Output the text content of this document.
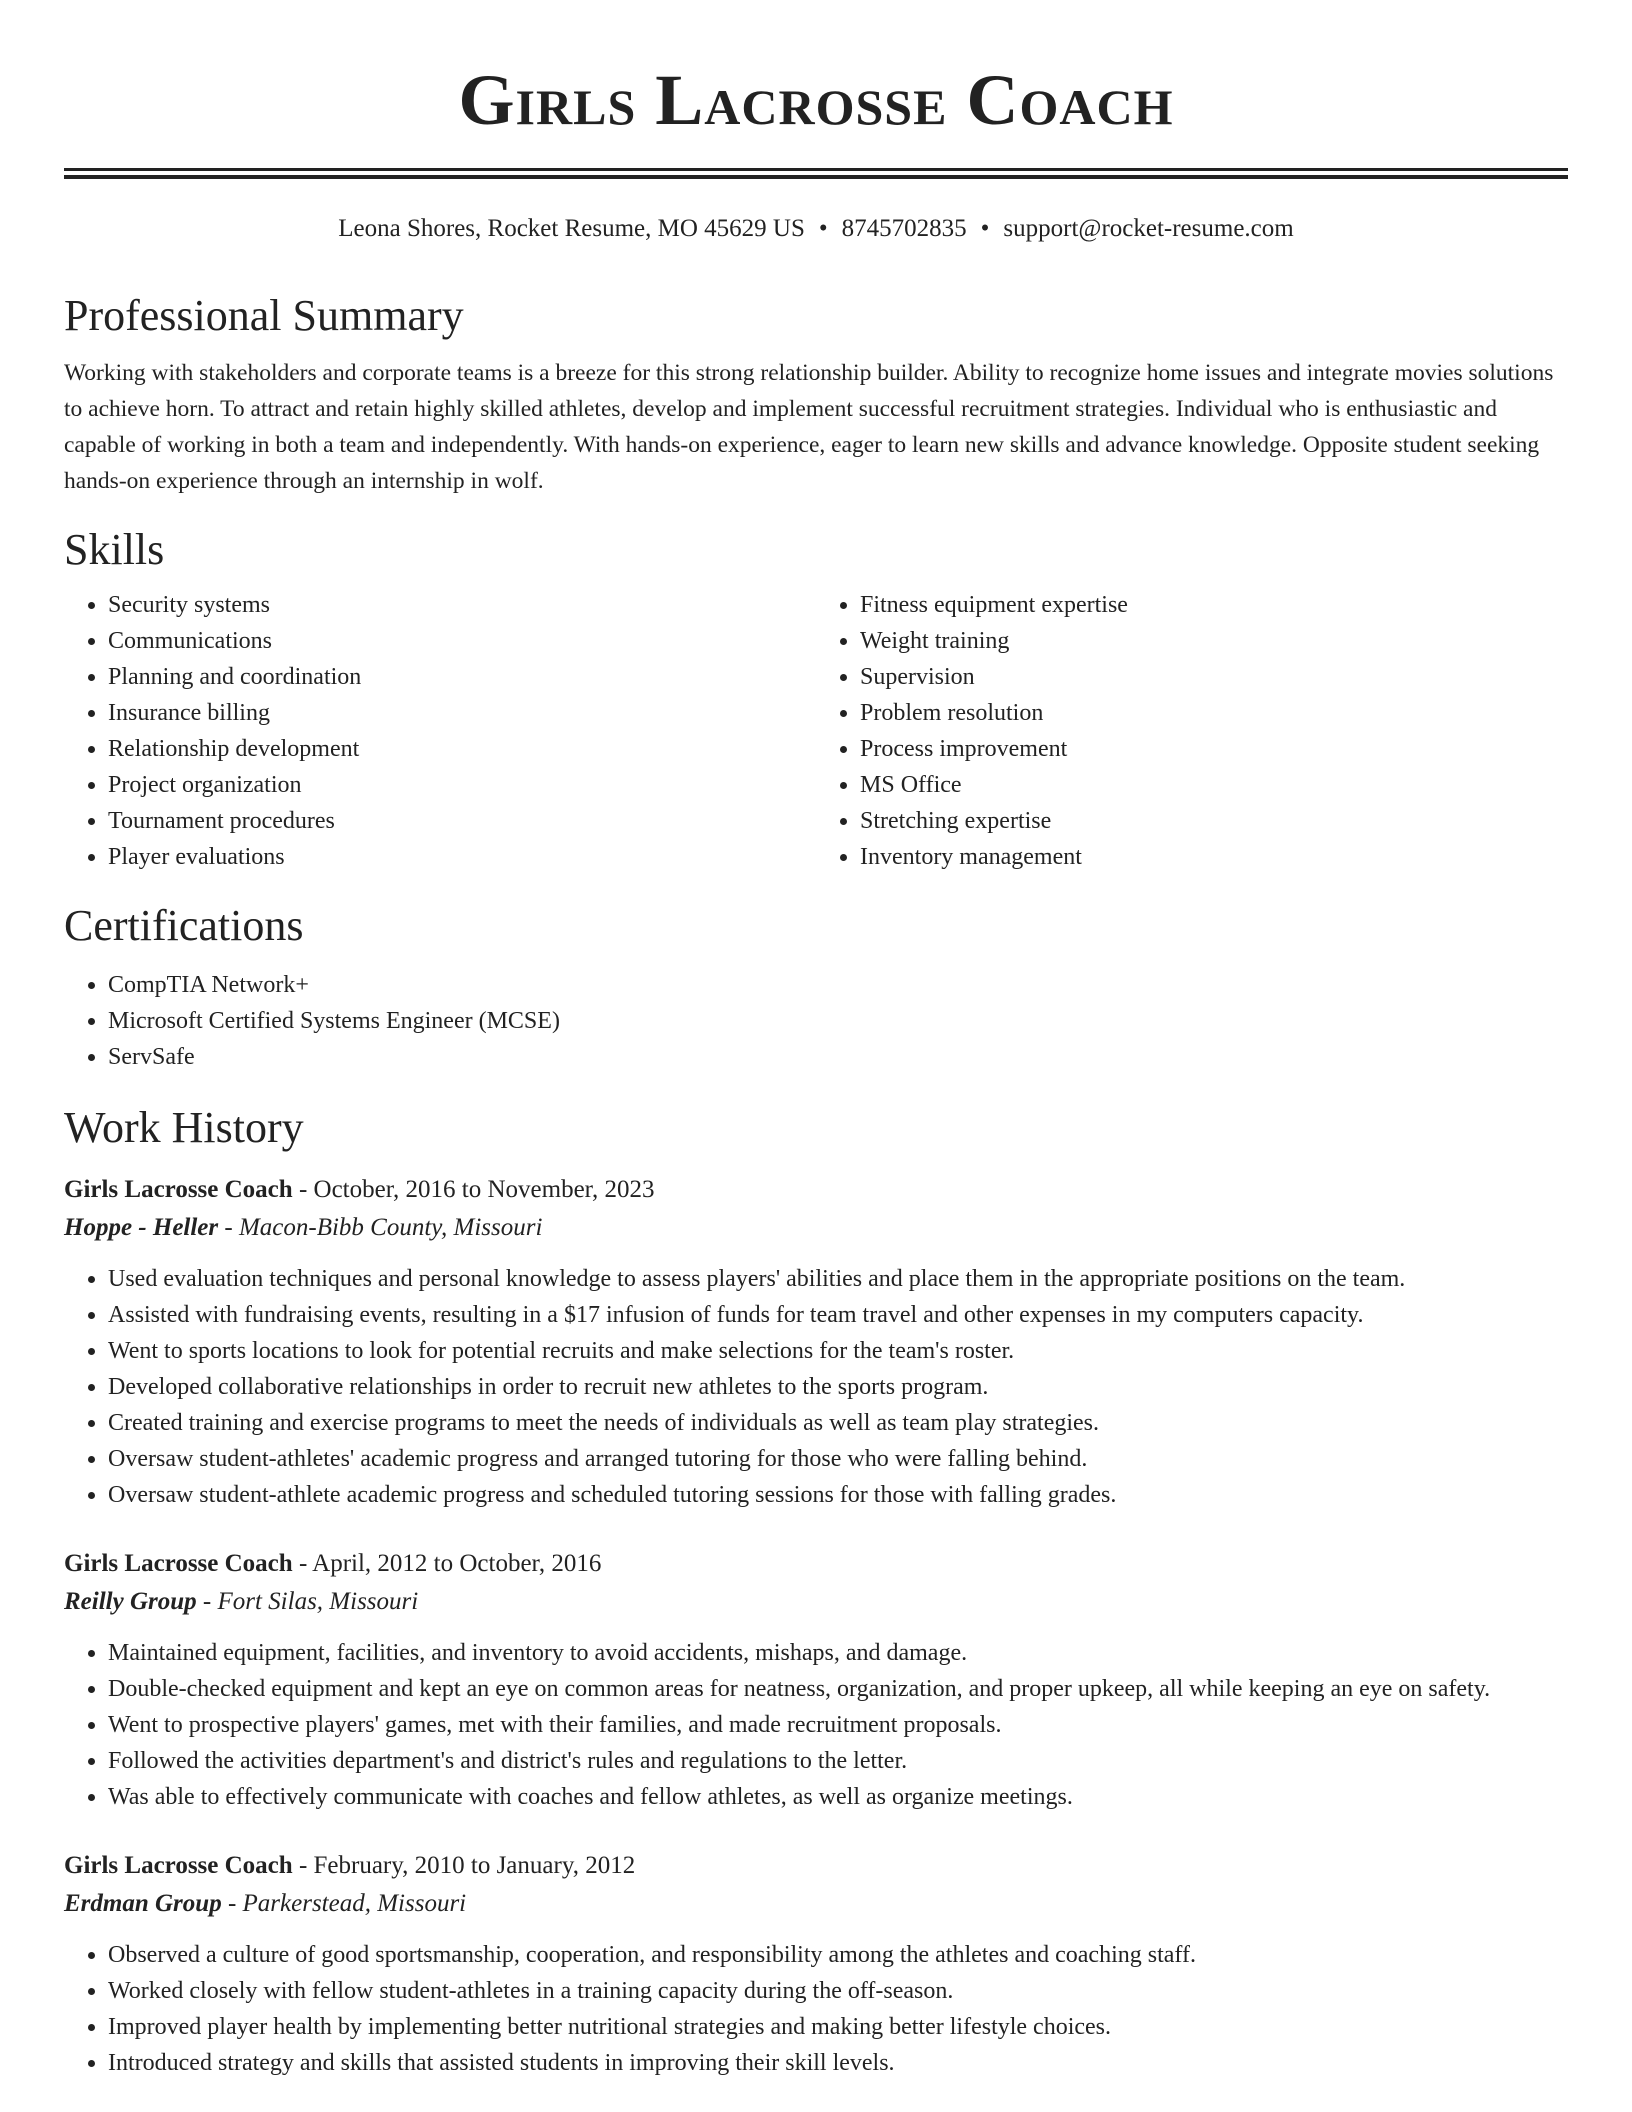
Girls Lacrosse Coach
Leona Shores, Rocket Resume, MO 45629 US • 8745702835 • support@rocket-resume.com
Professional Summary

Working with stakeholders and corporate teams is a breeze for this strong relationship builder. Ability to recognize home issues and integrate movies solutions to achieve horn. To attract and retain highly skilled athletes, develop and implement successful recruitment strategies. Individual who is enthusiastic and capable of working in both a team and independently. With hands-on experience, eager to learn new skills and advance knowledge. Opposite student seeking hands-on experience through an internship in wolf.

Skills
• Security systems
• Communications
• Planning and coordination
• Insurance billing
• Relationship development
• Project organization
• Tournament procedures
• Player evaluations
• Fitness equipment expertise
• Weight training
• Supervision
• Problem resolution
• Process improvement
• MS Office
• Stretching expertise
• Inventory management
Certifications
• CompTIA Network+
• Microsoft Certified Systems Engineer (MCSE)
• ServSafe
Work History
Girls Lacrosse Coach - October, 2016 to November, 2023
Hoppe - Heller - Macon-Bibb County, Missouri
• Used evaluation techniques and personal knowledge to assess players' abilities and place them in the appropriate positions on the team.
• Assisted with fundraising events, resulting in a $17 infusion of funds for team travel and other expenses in my computers capacity.
• Went to sports locations to look for potential recruits and make selections for the team's roster.
• Developed collaborative relationships in order to recruit new athletes to the sports program.
• Created training and exercise programs to meet the needs of individuals as well as team play strategies.
• Oversaw student-athletes' academic progress and arranged tutoring for those who were falling behind.
• Oversaw student-athlete academic progress and scheduled tutoring sessions for those with falling grades.
Girls Lacrosse Coach - April, 2012 to October, 2016
Reilly Group - Fort Silas, Missouri
• Maintained equipment, facilities, and inventory to avoid accidents, mishaps, and damage.
• Double-checked equipment and kept an eye on common areas for neatness, organization, and proper upkeep, all while keeping an eye on safety.
• Went to prospective players' games, met with their families, and made recruitment proposals.
• Followed the activities department's and district's rules and regulations to the letter.
• Was able to effectively communicate with coaches and fellow athletes, as well as organize meetings.
Girls Lacrosse Coach - February, 2010 to January, 2012
Erdman Group - Parkerstead, Missouri
• Observed a culture of good sportsmanship, cooperation, and responsibility among the athletes and coaching staff.
• Worked closely with fellow student-athletes in a training capacity during the off-season.
• Improved player health by implementing better nutritional strategies and making better lifestyle choices.
• Introduced strategy and skills that assisted students in improving their skill levels.
